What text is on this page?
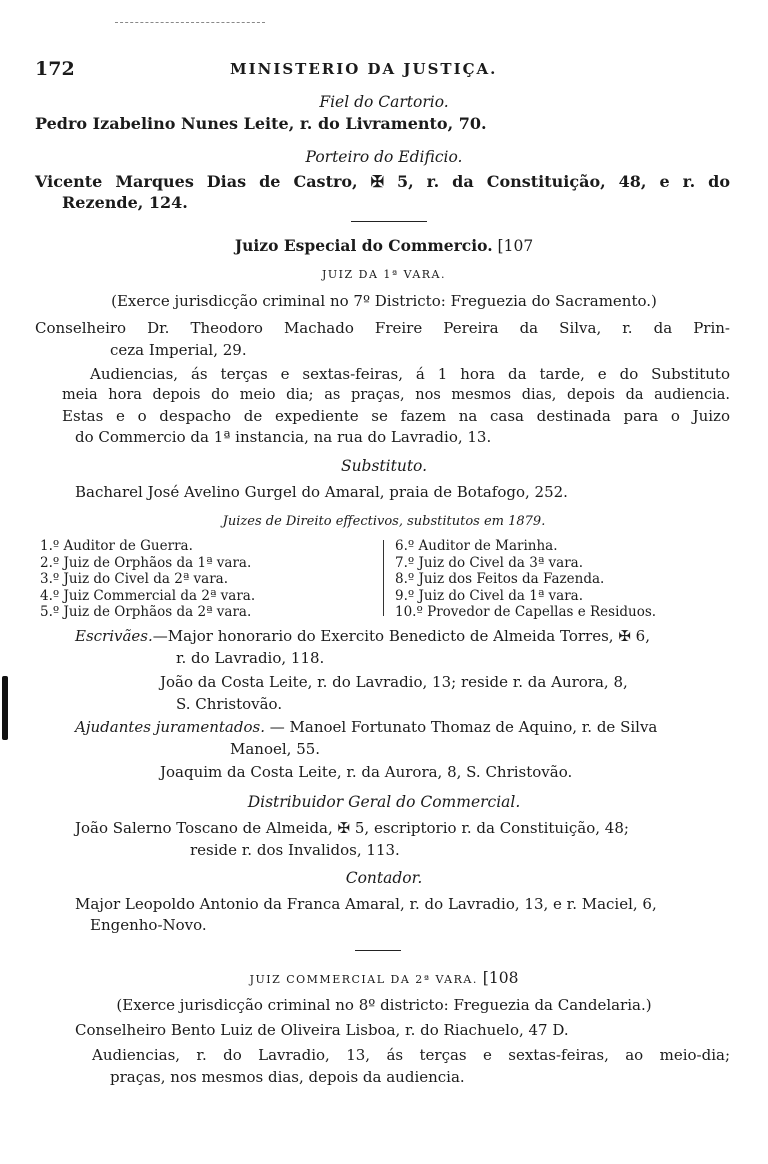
172	MINISTERIO DA JUSTIÇA.
Fiel do Cartorio.
Pedro Izabelino Nunes Leite, r. do Livramento, 70.
Porteiro do Edificio.
Vicente Marques Dias de Castro, ✠ 5, r. da Constituição, 48, e r. do
Rezende, 124.
Juizo Especial do Commercio. [107
JUIZ DA 1ª VARA.
(Exerce jurisdicção criminal no 7º Districto: Freguezia do Sacramento.)
Conselheiro Dr. Theodoro Machado Freire Pereira da Silva, r. da Prin-
ceza Imperial, 29.
Audiencias, ás terças e sextas-feiras, á 1 hora da tarde, e do Substituto
meia hora depois do meio dia; as praças, nos mesmos dias, depois da audiencia.
Estas e o despacho de expediente se fazem na casa destinada para o Juizo
do Commercio da 1ª instancia, na rua do Lavradio, 13.
Substituto.
Bacharel José Avelino Gurgel do Amaral, praia de Botafogo, 252.
Juizes de Direito effectivos, substitutos em 1879.
1.º Auditor de Guerra.
2.º Juiz de Orphãos da 1ª vara.
3.º Juiz do Civel da 2ª vara.
4.º Juiz Commercial da 2ª vara.
5.º Juiz de Orphãos da 2ª vara.
6.º Auditor de Marinha.
7.º Juiz do Civel da 3ª vara.
8.º Juiz dos Feitos da Fazenda.
9.º Juiz do Civel da 1ª vara.
10.º Provedor de Capellas e Residuos.
Escrivães.—Major honorario do Exercito Benedicto de Almeida Torres, ✠ 6,
r. do Lavradio, 118.
João da Costa Leite, r. do Lavradio, 13; reside r. da Aurora, 8,
S. Christovão.
Ajudantes juramentados. — Manoel Fortunato Thomaz de Aquino, r. de Silva
Manoel, 55.
Joaquim da Costa Leite, r. da Aurora, 8, S. Christovão.
Distribuidor Geral do Commercial.
João Salerno Toscano de Almeida, ✠ 5, escriptorio r. da Constituição, 48;
reside r. dos Invalidos, 113.
Contador.
Major Leopoldo Antonio da Franca Amaral, r. do Lavradio, 13, e r. Maciel, 6,
Engenho-Novo.
JUIZ COMMERCIAL DA 2ª VARA. [108
(Exerce jurisdicção criminal no 8º districto: Freguezia da Candelaria.)
Conselheiro Bento Luiz de Oliveira Lisboa, r. do Riachuelo, 47 D.
Audiencias, r. do Lavradio, 13, ás terças e sextas-feiras, ao meio-dia;
praças, nos mesmos dias, depois da audiencia.
